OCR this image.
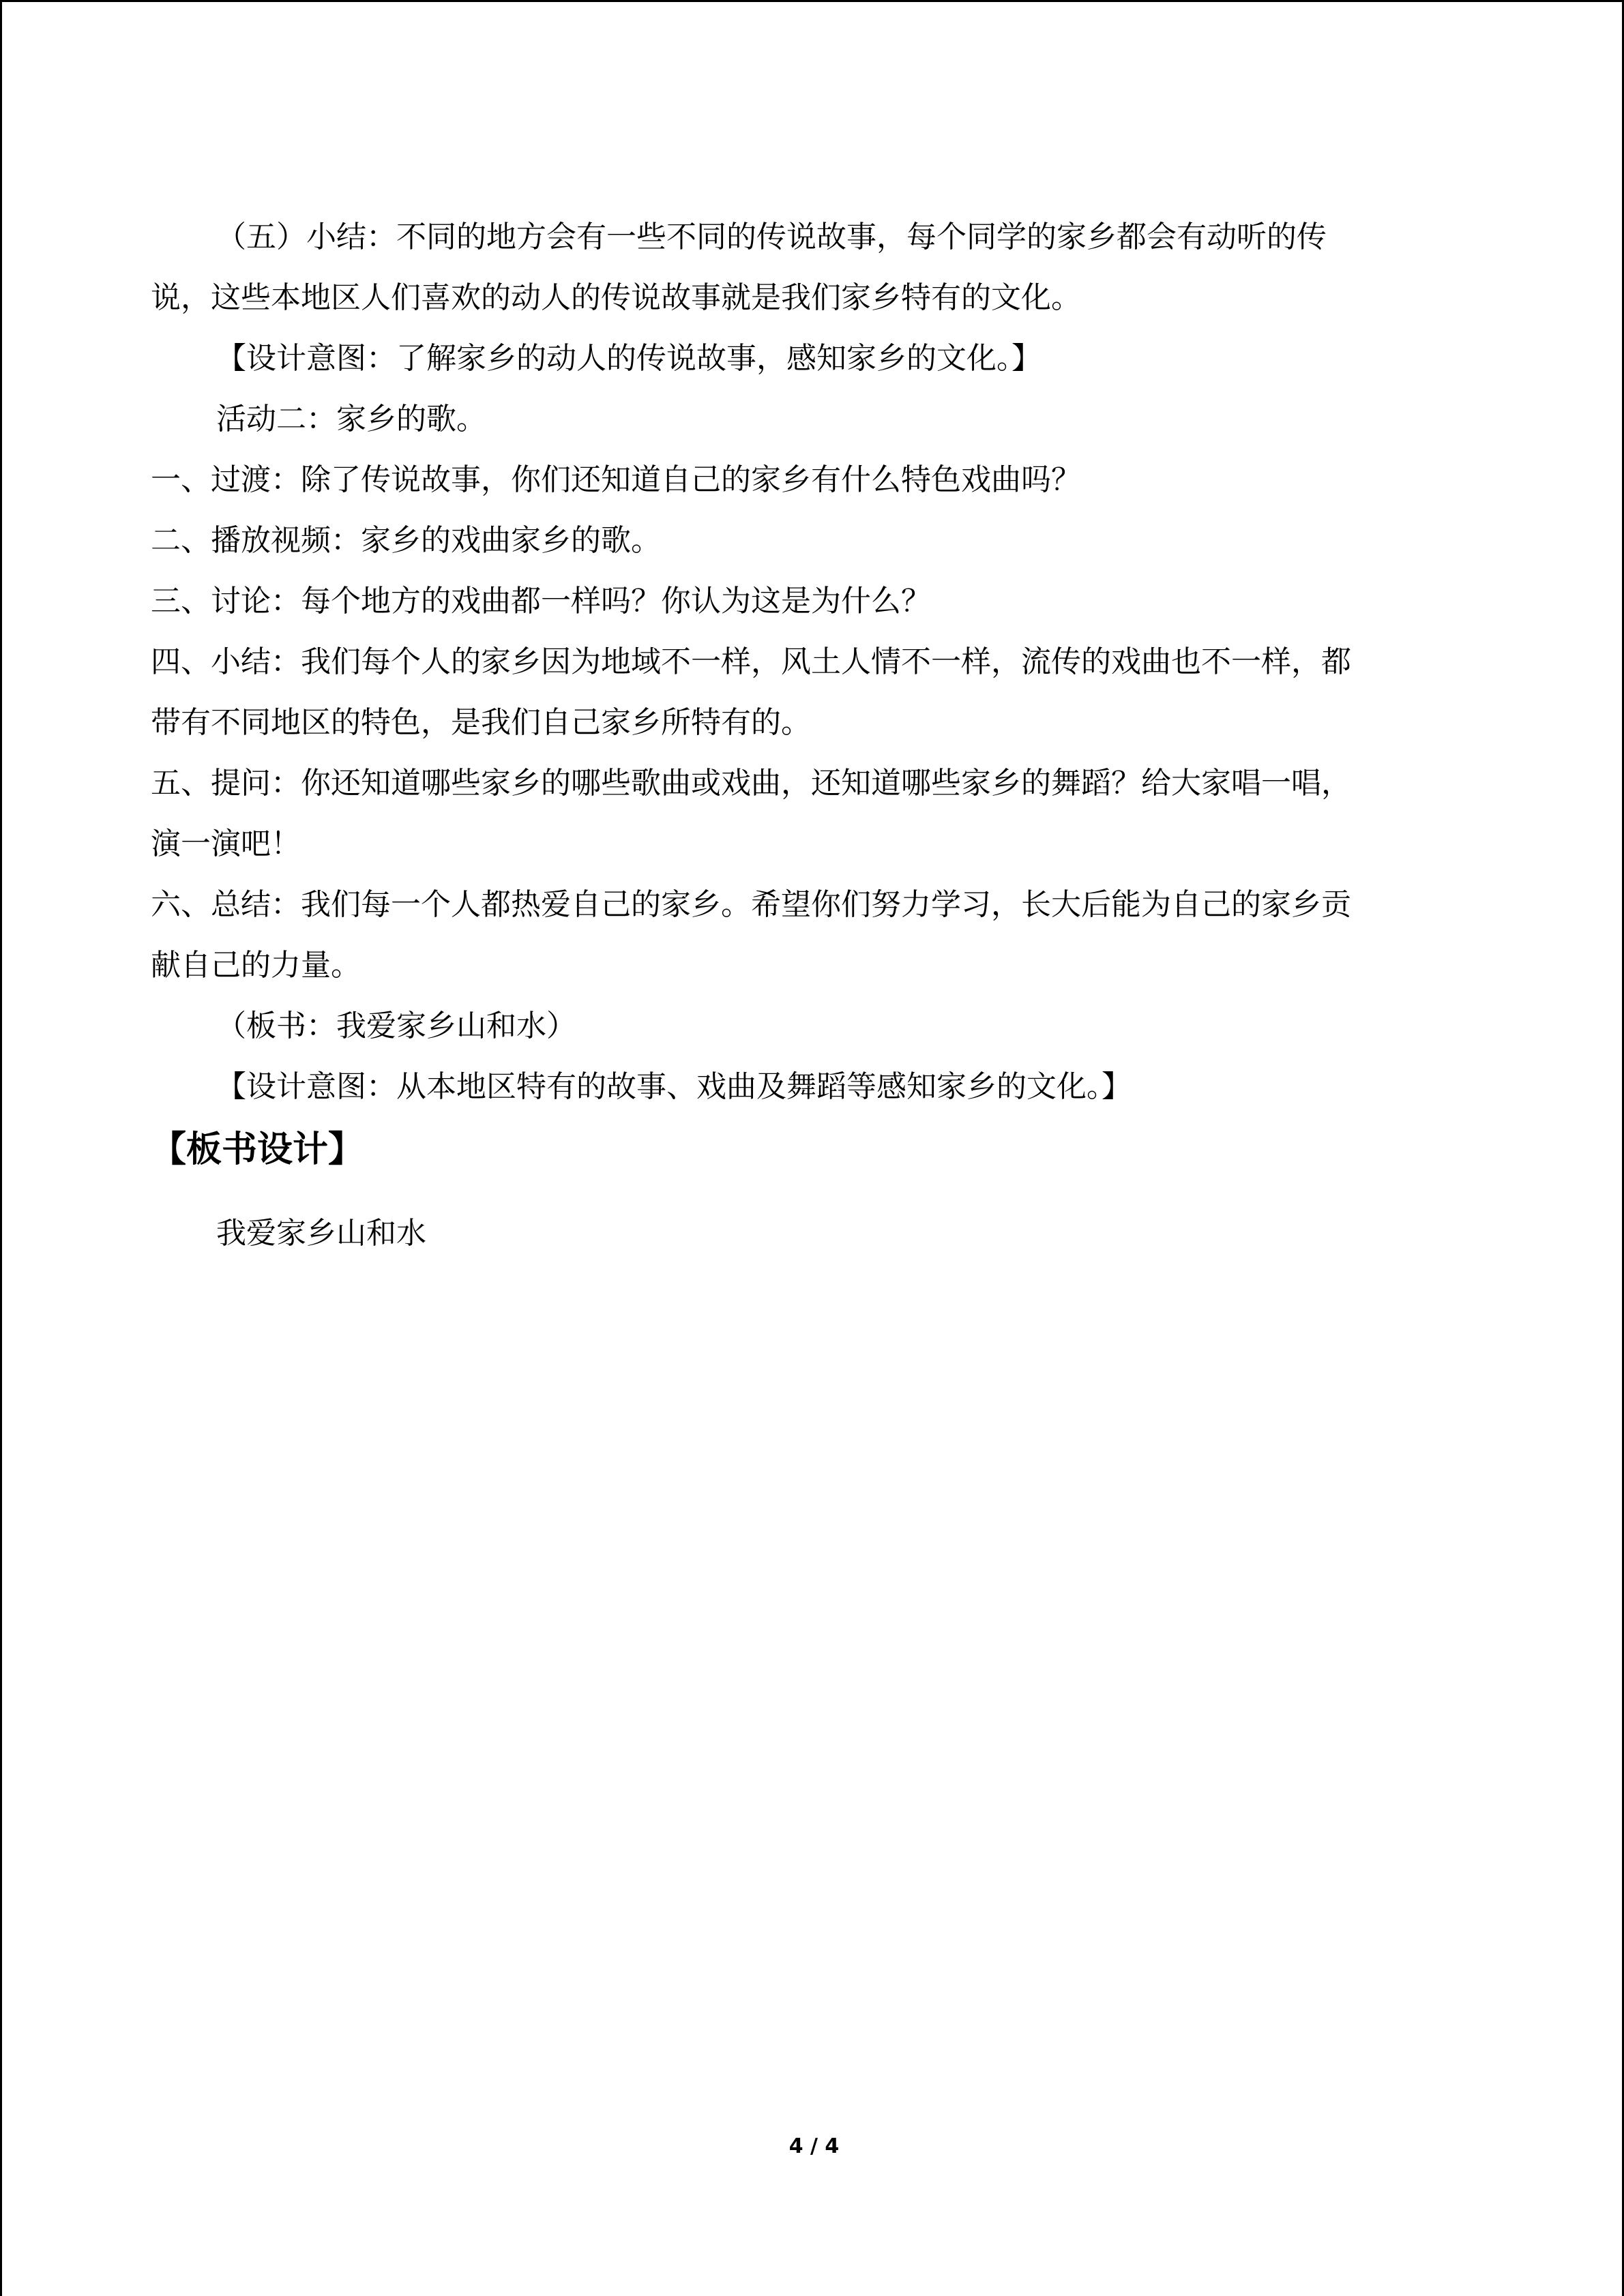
（五）小结：不同的地方会有一些不同的传说故事，每个同学的家乡都会有动听的传
说，这些本地区人们喜欢的动人的传说故事就是我们家乡特有的文化。
【设计意图：了解家乡的动人的传说故事，感知家乡的文化。】
活动二：家乡的歌。
一、过渡：除了传说故事，你们还知道自己的家乡有什么特色戏曲吗？
二、播放视频：家乡的戏曲家乡的歌。
三、讨论：每个地方的戏曲都一样吗？你认为这是为什么？
四、小结：我们每个人的家乡因为地域不一样，风土人情不一样，流传的戏曲也不一样，都
带有不同地区的特色，是我们自己家乡所特有的。
五、提问：你还知道哪些家乡的哪些歌曲或戏曲，还知道哪些家乡的舞蹈？给大家唱一唱，
演一演吧！
六、总结：我们每一个人都热爱自己的家乡。希望你们努力学习，长大后能为自己的家乡贡
献自己的力量。
（板书：我爱家乡山和水）
【设计意图：从本地区特有的故事、戏曲及舞蹈等感知家乡的文化。】
【板书设计】
我爱家乡山和水
4 / 4
